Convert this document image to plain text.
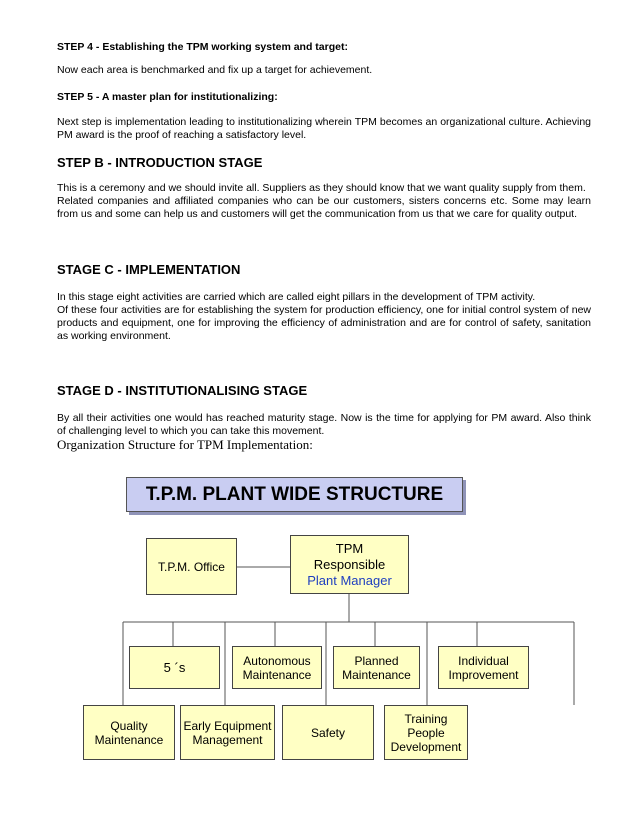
STEP 4 - Establishing the TPM working system and target:

Now each area is benchmarked and fix up a target for achievement.

STEP 5 - A master plan for institutionalizing:

Next step is implementation leading to institutionalizing wherein TPM becomes an organizational culture. Achieving PM award is the proof of reaching a satisfactory level.

STEP B - INTRODUCTION STAGE

This is a ceremony and we should invite all. Suppliers as they should know that we want quality supply from them.

Related companies and affiliated companies who can be our customers, sisters concerns etc. Some may learn from us and some can help us and customers will get the communication from us that we care for quality output.

STAGE C - IMPLEMENTATION

In this stage eight activities are carried which are called eight pillars in the development of TPM activity.

Of these four activities are for establishing the system for production efficiency, one for initial control system of new products and equipment, one for improving the efficiency of administration and are for control of safety, sanitation as working environment.

STAGE D - INSTITUTIONALISING STAGE

By all their activities one would has reached maturity stage. Now is the time for applying for PM award. Also think of challenging level to which you can take this movement.

Organization Structure for TPM Implementation:

T.P.M. PLANT WIDE STRUCTURE
T.P.M. Office
TPM
Responsible
Plant Manager
5 ´s	Autonomous Maintenance
Planned Maintenance
Individual Improvement
Quality Maintenance
Early Equipment Management	Safety
Training People Development
